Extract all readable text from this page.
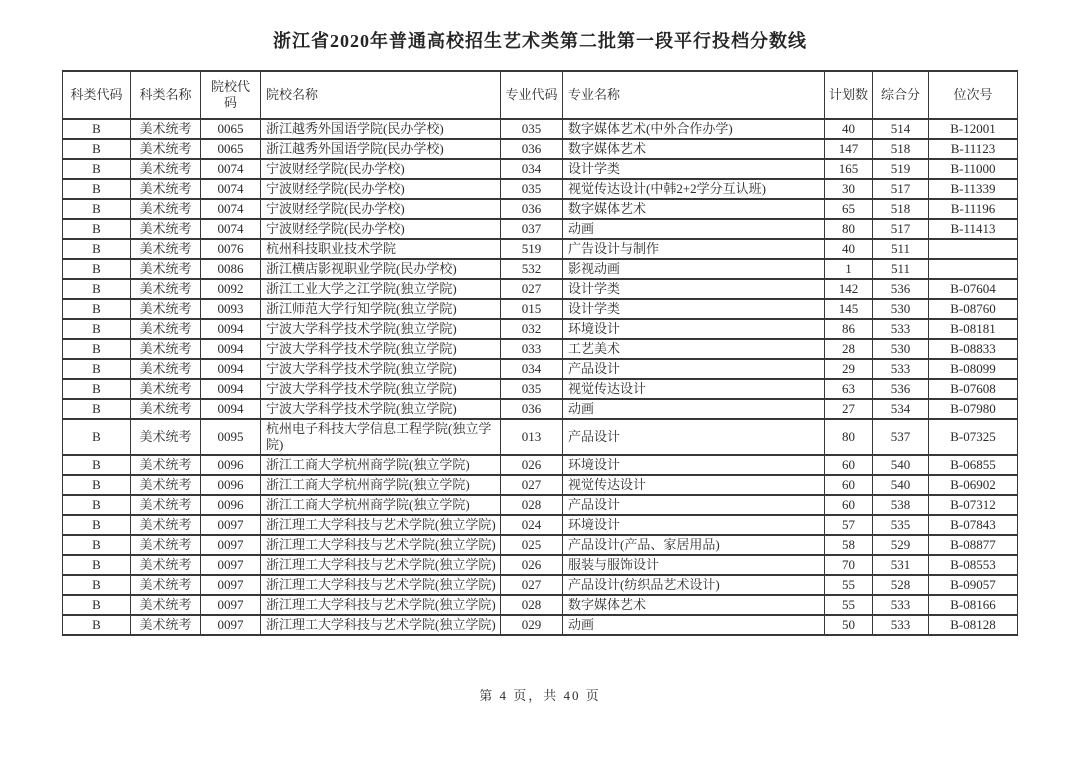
浙江省2020年普通高校招生艺术类第二批第一段平行投档分数线
科类代码	科类名称	院校代码	院校名称	专业代码	专业名称	计划数	综合分	位次号
B	美术统考	0065	浙江越秀外国语学院(民办学校)	035	数字媒体艺术(中外合作办学)	40	514	B-12001
B	美术统考	0065	浙江越秀外国语学院(民办学校)	036	数字媒体艺术	147	518	B-11123
B	美术统考	0074	宁波财经学院(民办学校)	034	设计学类	165	519	B-11000
B	美术统考	0074	宁波财经学院(民办学校)	035	视觉传达设计(中韩2+2学分互认班)	30	517	B-11339
B	美术统考	0074	宁波财经学院(民办学校)	036	数字媒体艺术	65	518	B-11196
B	美术统考	0074	宁波财经学院(民办学校)	037	动画	80	517	B-11413
B	美术统考	0076	杭州科技职业技术学院	519	广告设计与制作	40	511	
B	美术统考	0086	浙江横店影视职业学院(民办学校)	532	影视动画	1	511	
B	美术统考	0092	浙江工业大学之江学院(独立学院)	027	设计学类	142	536	B-07604
B	美术统考	0093	浙江师范大学行知学院(独立学院)	015	设计学类	145	530	B-08760
B	美术统考	0094	宁波大学科学技术学院(独立学院)	032	环境设计	86	533	B-08181
B	美术统考	0094	宁波大学科学技术学院(独立学院)	033	工艺美术	28	530	B-08833
B	美术统考	0094	宁波大学科学技术学院(独立学院)	034	产品设计	29	533	B-08099
B	美术统考	0094	宁波大学科学技术学院(独立学院)	035	视觉传达设计	63	536	B-07608
B	美术统考	0094	宁波大学科学技术学院(独立学院)	036	动画	27	534	B-07980
B	美术统考	0095	杭州电子科技大学信息工程学院(独立学院)	013	产品设计	80	537	B-07325
B	美术统考	0096	浙江工商大学杭州商学院(独立学院)	026	环境设计	60	540	B-06855
B	美术统考	0096	浙江工商大学杭州商学院(独立学院)	027	视觉传达设计	60	540	B-06902
B	美术统考	0096	浙江工商大学杭州商学院(独立学院)	028	产品设计	60	538	B-07312
B	美术统考	0097	浙江理工大学科技与艺术学院(独立学院)	024	环境设计	57	535	B-07843
B	美术统考	0097	浙江理工大学科技与艺术学院(独立学院)	025	产品设计(产品、家居用品)	58	529	B-08877
B	美术统考	0097	浙江理工大学科技与艺术学院(独立学院)	026	服装与服饰设计	70	531	B-08553
B	美术统考	0097	浙江理工大学科技与艺术学院(独立学院)	027	产品设计(纺织品艺术设计)	55	528	B-09057
B	美术统考	0097	浙江理工大学科技与艺术学院(独立学院)	028	数字媒体艺术	55	533	B-08166
B	美术统考	0097	浙江理工大学科技与艺术学院(独立学院)	029	动画	50	533	B-08128
第 4 页，共 40 页
